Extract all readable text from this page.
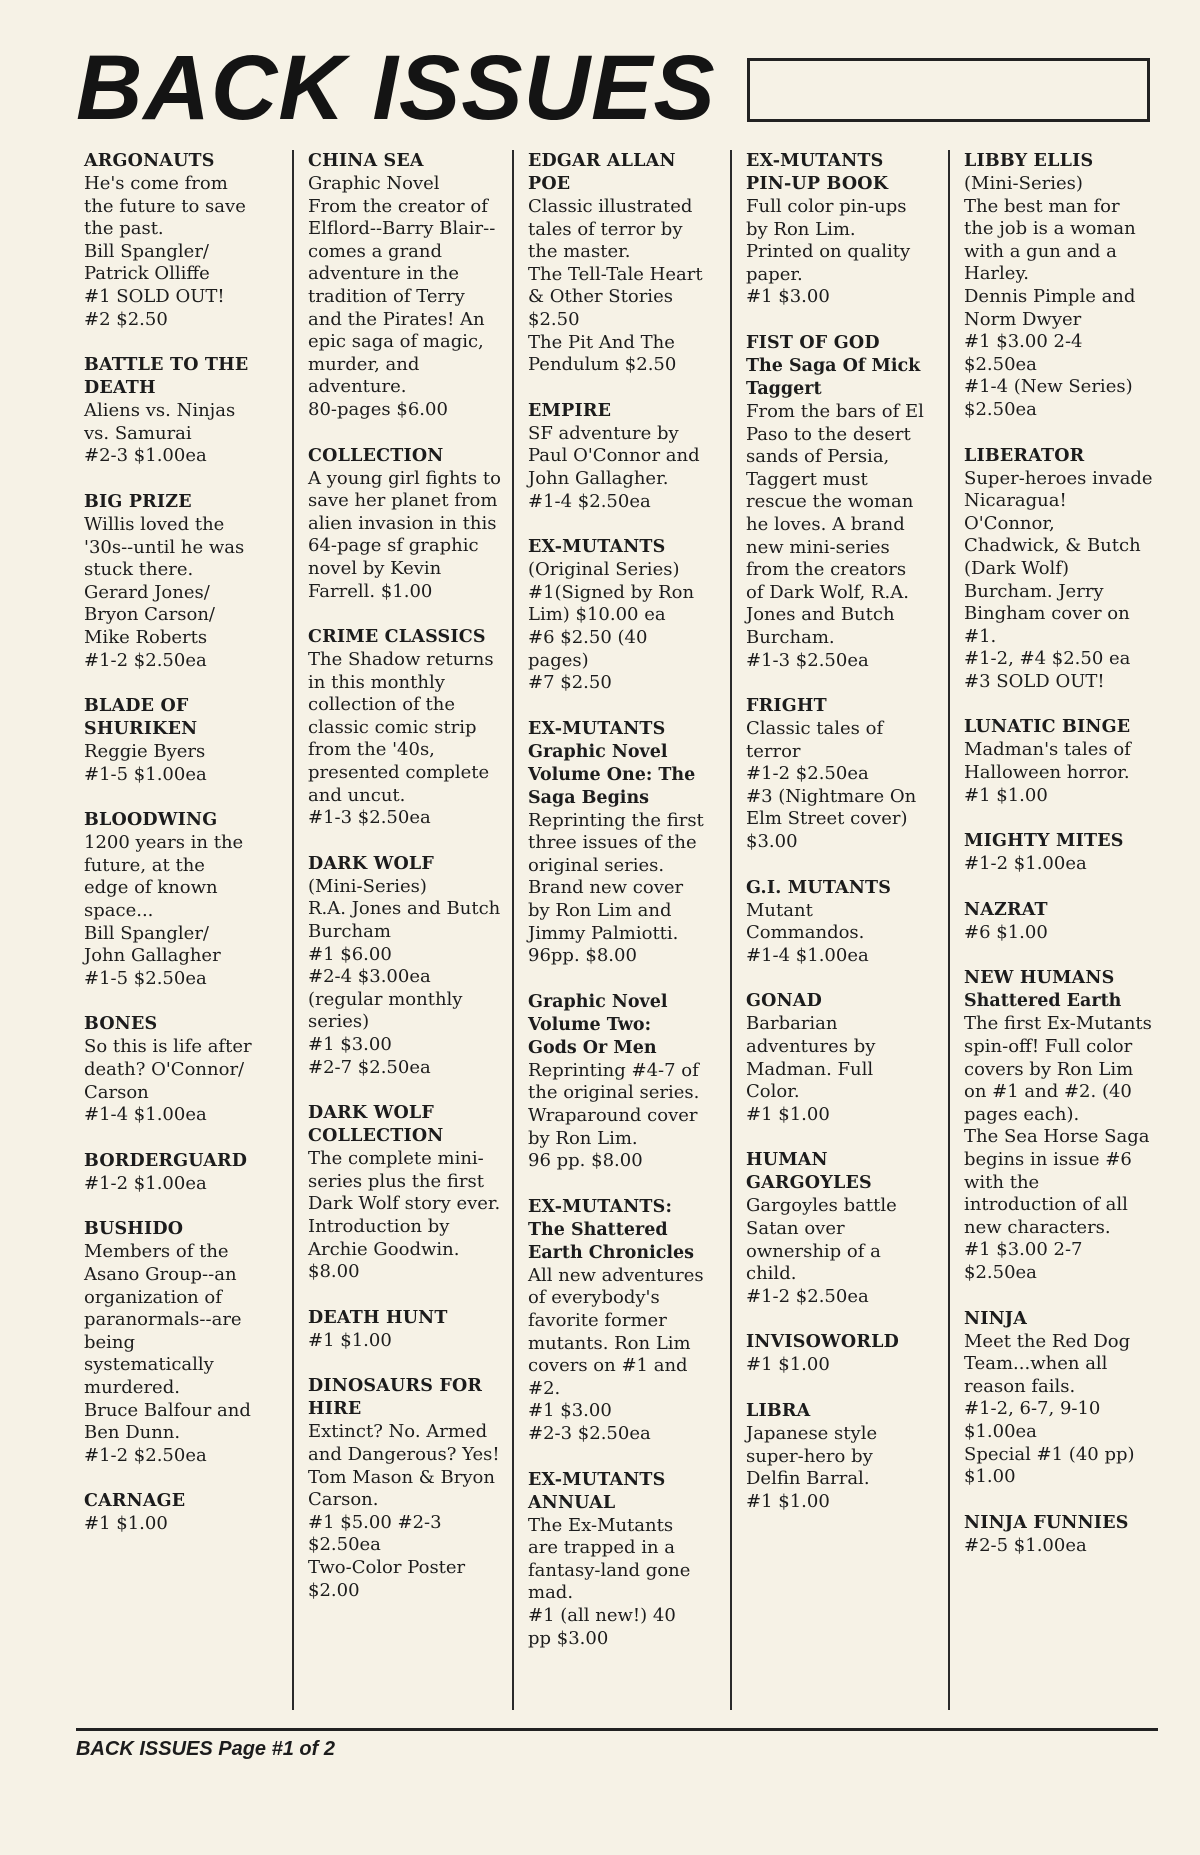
BACK ISSUES
ARGONAUTS
He's come from the future to save the past.
Bill Spangler/ Patrick Olliffe
#1 SOLD OUT!
#2 $2.50
BATTLE TO THE DEATH
Aliens vs. Ninjas vs. Samurai
#2-3 $1.00ea
BIG PRIZE
Willis loved the '30s--until he was stuck there.
Gerard Jones/ Bryon Carson/ Mike Roberts
#1-2 $2.50ea
BLADE OF SHURIKEN
Reggie Byers
#1-5 $1.00ea
BLOODWING
1200 years in the future, at the edge of known space...
Bill Spangler/ John Gallagher
#1-5 $2.50ea
BONES
So this is life after death? O'Connor/ Carson
#1-4 $1.00ea
BORDERGUARD
#1-2 $1.00ea
BUSHIDO
Members of the Asano Group--an organization of paranormals--are being systematically murdered.
Bruce Balfour and Ben Dunn.
#1-2 $2.50ea
CARNAGE
#1 $1.00
CHINA SEA
Graphic Novel
From the creator of Elflord--Barry Blair--comes a grand adventure in the tradition of Terry and the Pirates! An epic saga of magic, murder, and adventure.
80-pages $6.00
COLLECTION
A young girl fights to save her planet from alien invasion in this 64-page sf graphic novel by Kevin Farrell. $1.00
CRIME CLASSICS
The Shadow returns in this monthly collection of the classic comic strip from the '40s, presented complete and uncut.
#1-3 $2.50ea
DARK WOLF
(Mini-Series)
R.A. Jones and Butch Burcham
#1 $6.00
#2-4 $3.00ea
(regular monthly series)
#1 $3.00
#2-7 $2.50ea
DARK WOLF COLLECTION
The complete mini-series plus the first Dark Wolf story ever.
Introduction by Archie Goodwin.
$8.00
DEATH HUNT
#1 $1.00
DINOSAURS FOR HIRE
Extinct? No. Armed and Dangerous? Yes!
Tom Mason & Bryon Carson.
#1 $5.00 #2-3 $2.50ea
Two-Color Poster $2.00
EDGAR ALLAN POE
Classic illustrated tales of terror by the master.
The Tell-Tale Heart & Other Stories $2.50
The Pit And The Pendulum $2.50
EMPIRE
SF adventure by Paul O'Connor and John Gallagher.
#1-4 $2.50ea
EX-MUTANTS
(Original Series)
#1(Signed by Ron Lim) $10.00 ea
#6 $2.50 (40 pages)
#7 $2.50
EX-MUTANTS
Graphic Novel Volume One: The Saga Begins
Reprinting the first three issues of the original series. Brand new cover by Ron Lim and Jimmy Palmiotti.
96pp. $8.00
Graphic Novel Volume Two: Gods Or Men
Reprinting #4-7 of the original series. Wraparound cover by Ron Lim.
96 pp. $8.00
EX-MUTANTS:
The Shattered Earth Chronicles
All new adventures of everybody's favorite former mutants. Ron Lim covers on #1 and #2.
#1 $3.00
#2-3 $2.50ea
EX-MUTANTS ANNUAL
The Ex-Mutants are trapped in a fantasy-land gone mad.
#1 (all new!) 40 pp $3.00
EX-MUTANTS PIN-UP BOOK
Full color pin-ups by Ron Lim.
Printed on quality paper.
#1 $3.00
FIST OF GOD
The Saga Of Mick Taggert
From the bars of El Paso to the desert sands of Persia, Taggert must rescue the woman he loves. A brand new mini-series from the creators of Dark Wolf, R.A. Jones and Butch Burcham.
#1-3 $2.50ea
FRIGHT
Classic tales of terror
#1-2 $2.50ea
#3 (Nightmare On Elm Street cover) $3.00
G.I. MUTANTS
Mutant Commandos.
#1-4 $1.00ea
GONAD
Barbarian adventures by Madman. Full Color.
#1 $1.00
HUMAN GARGOYLES
Gargoyles battle Satan over ownership of a child.
#1-2 $2.50ea
INVISOWORLD
#1 $1.00
LIBRA
Japanese style super-hero by Delfin Barral.
#1 $1.00
LIBBY ELLIS
(Mini-Series)
The best man for the job is a woman with a gun and a Harley.
Dennis Pimple and Norm Dwyer
#1 $3.00 2-4 $2.50ea
#1-4 (New Series) $2.50ea
LIBERATOR
Super-heroes invade Nicaragua! O'Connor, Chadwick, & Butch (Dark Wolf) Burcham. Jerry Bingham cover on #1.
#1-2, #4 $2.50 ea
#3 SOLD OUT!
LUNATIC BINGE
Madman's tales of Halloween horror.
#1 $1.00
MIGHTY MITES
#1-2 $1.00ea
NAZRAT
#6 $1.00
NEW HUMANS
Shattered Earth
The first Ex-Mutants spin-off! Full color covers by Ron Lim on #1 and #2. (40 pages each).
The Sea Horse Saga begins in issue #6 with the introduction of all new characters.
#1 $3.00 2-7 $2.50ea
NINJA
Meet the Red Dog Team...when all reason fails.
#1-2, 6-7, 9-10 $1.00ea
Special #1 (40 pp) $1.00
NINJA FUNNIES
#2-5 $1.00ea
BACK ISSUES Page #1 of 2
